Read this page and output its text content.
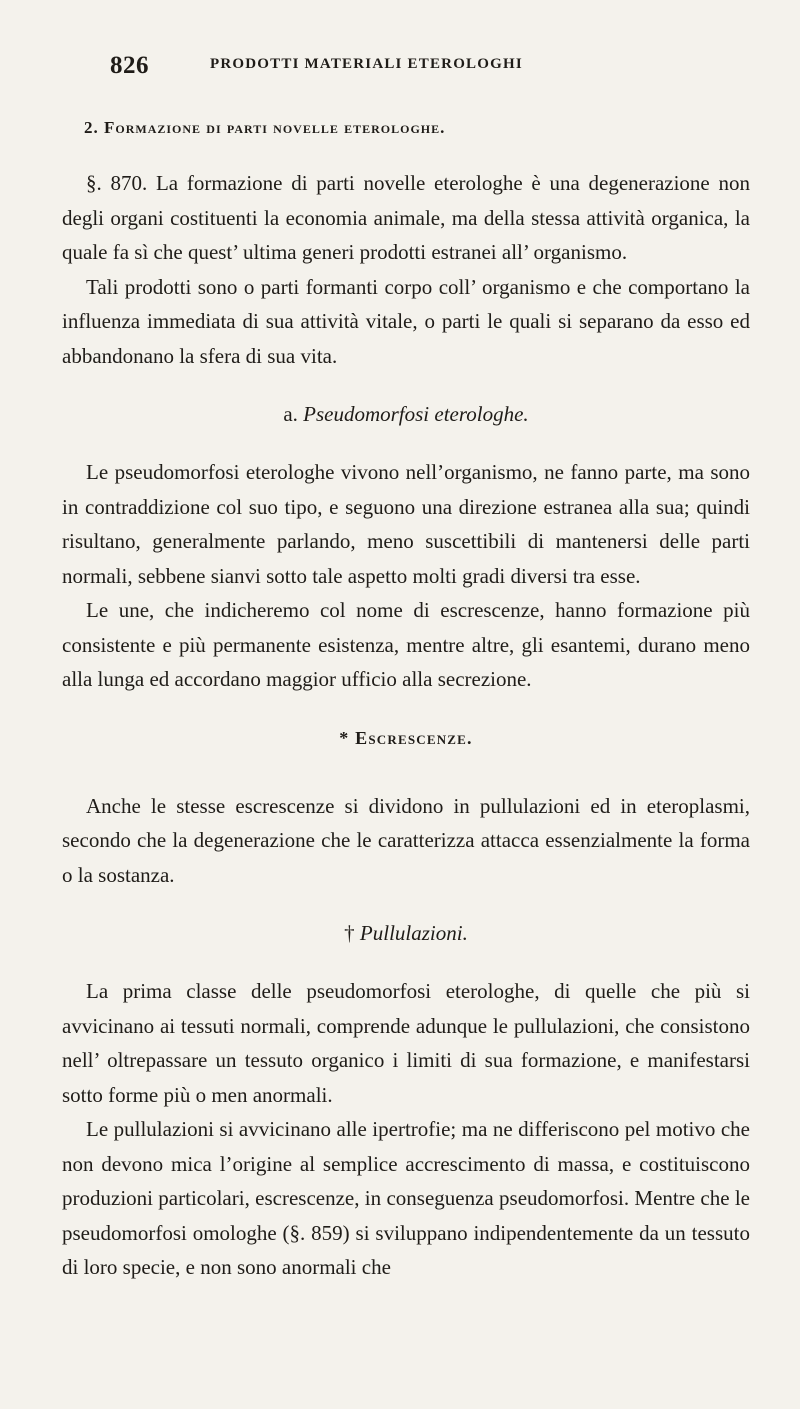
826	PRODOTTI MATERIALI ETEROLOGHI
2. Formazione di parti novelle eterologhe.

§. 870. La formazione di parti novelle eterologhe è una degenerazione non degli organi costituenti la economia animale, ma della stessa attività organica, la quale fa sì che quest’ ultima generi prodotti estranei all’ organismo.

Tali prodotti sono o parti formanti corpo coll’ organismo e che comportano la influenza immediata di sua attività vitale, o parti le quali si separano da esso ed abbandonano la sfera di sua vita.

a. Pseudomorfosi eterologhe.

Le pseudomorfosi eterologhe vivono nell’organismo, ne fanno parte, ma sono in contraddizione col suo tipo, e seguono una direzione estranea alla sua; quindi risultano, generalmente parlando, meno suscettibili di mantenersi delle parti normali, sebbene sianvi sotto tale aspetto molti gradi diversi tra esse.

Le une, che indicheremo col nome di escrescenze, hanno formazione più consistente e più permanente esistenza, mentre altre, gli esantemi, durano meno alla lunga ed accordano maggior ufficio alla secrezione.

* Escrescenze.

Anche le stesse escrescenze si dividono in pullulazioni ed in eteroplasmi, secondo che la degenerazione che le caratterizza attacca essenzialmente la forma o la sostanza.

† Pullulazioni.

La prima classe delle pseudomorfosi eterologhe, di quelle che più si avvicinano ai tessuti normali, comprende adunque le pullulazioni, che consistono nell’ oltrepassare un tessuto organico i limiti di sua formazione, e manifestarsi sotto forme più o men anormali.

Le pullulazioni si avvicinano alle ipertrofie; ma ne differiscono pel motivo che non devono mica l’origine al semplice accrescimento di massa, e costituiscono produzioni particolari, escrescenze, in conseguenza pseudomorfosi. Mentre che le pseudomorfosi omologhe (§. 859) si sviluppano indipendentemente da un tessuto di loro specie, e non sono anormali che
